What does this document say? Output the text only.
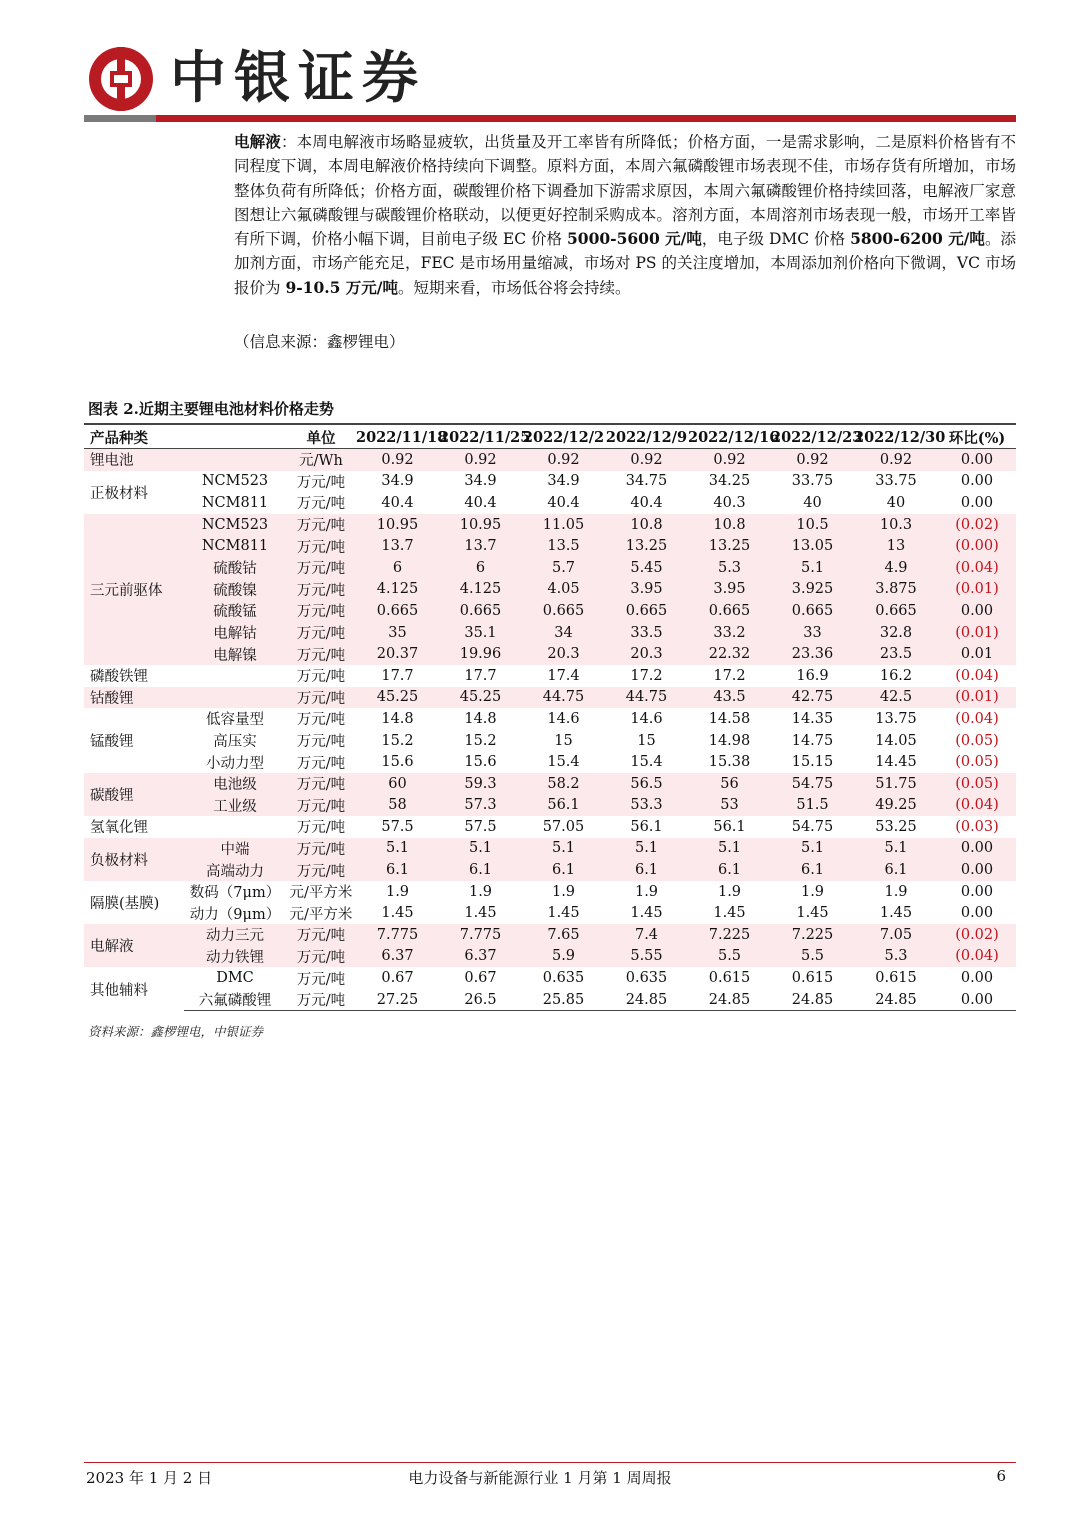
中银证券
电解液：本周电解液市场略显疲软，出货量及开工率皆有所降低；价格方面，一是需求影响，二是原料价格皆有不同程度下调，本周电解液价格持续向下调整。原料方面，本周六氟磷酸锂市场表现不佳，市场存货有所增加，市场整体负荷有所降低；价格方面，碳酸锂价格下调叠加下游需求原因，本周六氟磷酸锂价格持续回落，电解液厂家意图想让六氟磷酸锂与碳酸锂价格联动，以便更好控制采购成本。溶剂方面，本周溶剂市场表现一般，市场开工率皆有所下调，价格小幅下调，目前电子级 EC 价格 5000-5600 元/吨，电子级 DMC 价格 5800-6200 元/吨。添加剂方面，市场产能充足，FEC 是市场用量缩减，市场对 PS 的关注度增加，本周添加剂价格向下微调，VC 市场报价为 9-10.5 万元/吨。短期来看，市场低谷将会持续。
（信息来源：鑫椤锂电）
图表 2.近期主要锂电池材料价格走势
产品种类		单位	2022/11/18	2022/11/25	2022/12/2	2022/12/9	2022/12/16	2022/12/23	2022/12/30	环比(%)
锂电池		元/Wh	0.92	0.92	0.92	0.92	0.92	0.92	0.92	0.00
正极材料	NCM523	万元/吨	34.9	34.9	34.9	34.75	34.25	33.75	33.75	0.00
	NCM811	万元/吨	40.4	40.4	40.4	40.4	40.3	40	40	0.00
三元前驱体	NCM523	万元/吨	10.95	10.95	11.05	10.8	10.8	10.5	10.3	(0.02)
	NCM811	万元/吨	13.7	13.7	13.5	13.25	13.25	13.05	13	(0.00)
	硫酸钴	万元/吨	6	6	5.7	5.45	5.3	5.1	4.9	(0.04)
	硫酸镍	万元/吨	4.125	4.125	4.05	3.95	3.95	3.925	3.875	(0.01)
	硫酸锰	万元/吨	0.665	0.665	0.665	0.665	0.665	0.665	0.665	0.00
	电解钴	万元/吨	35	35.1	34	33.5	33.2	33	32.8	(0.01)
	电解镍	万元/吨	20.37	19.96	20.3	20.3	22.32	23.36	23.5	0.01
磷酸铁锂		万元/吨	17.7	17.7	17.4	17.2	17.2	16.9	16.2	(0.04)
钴酸锂		万元/吨	45.25	45.25	44.75	44.75	43.5	42.75	42.5	(0.01)
锰酸锂	低容量型	万元/吨	14.8	14.8	14.6	14.6	14.58	14.35	13.75	(0.04)
	高压实	万元/吨	15.2	15.2	15	15	14.98	14.75	14.05	(0.05)
	小动力型	万元/吨	15.6	15.6	15.4	15.4	15.38	15.15	14.45	(0.05)
碳酸锂	电池级	万元/吨	60	59.3	58.2	56.5	56	54.75	51.75	(0.05)
	工业级	万元/吨	58	57.3	56.1	53.3	53	51.5	49.25	(0.04)
氢氧化锂		万元/吨	57.5	57.5	57.05	56.1	56.1	54.75	53.25	(0.03)
负极材料	中端	万元/吨	5.1	5.1	5.1	5.1	5.1	5.1	5.1	0.00
	高端动力	万元/吨	6.1	6.1	6.1	6.1	6.1	6.1	6.1	0.00
隔膜(基膜)	数码（7μm）	元/平方米	1.9	1.9	1.9	1.9	1.9	1.9	1.9	0.00
	动力（9μm）	元/平方米	1.45	1.45	1.45	1.45	1.45	1.45	1.45	0.00
电解液	动力三元	万元/吨	7.775	7.775	7.65	7.4	7.225	7.225	7.05	(0.02)
	动力铁锂	万元/吨	6.37	6.37	5.9	5.55	5.5	5.5	5.3	(0.04)
其他辅料	DMC	万元/吨	0.67	0.67	0.635	0.635	0.615	0.615	0.615	0.00
	六氟磷酸锂	万元/吨	27.25	26.5	25.85	24.85	24.85	24.85	24.85	0.00
资料来源：鑫椤锂电，中银证券
2023 年 1 月 2 日	电力设备与新能源行业 1 月第 1 周周报	6
